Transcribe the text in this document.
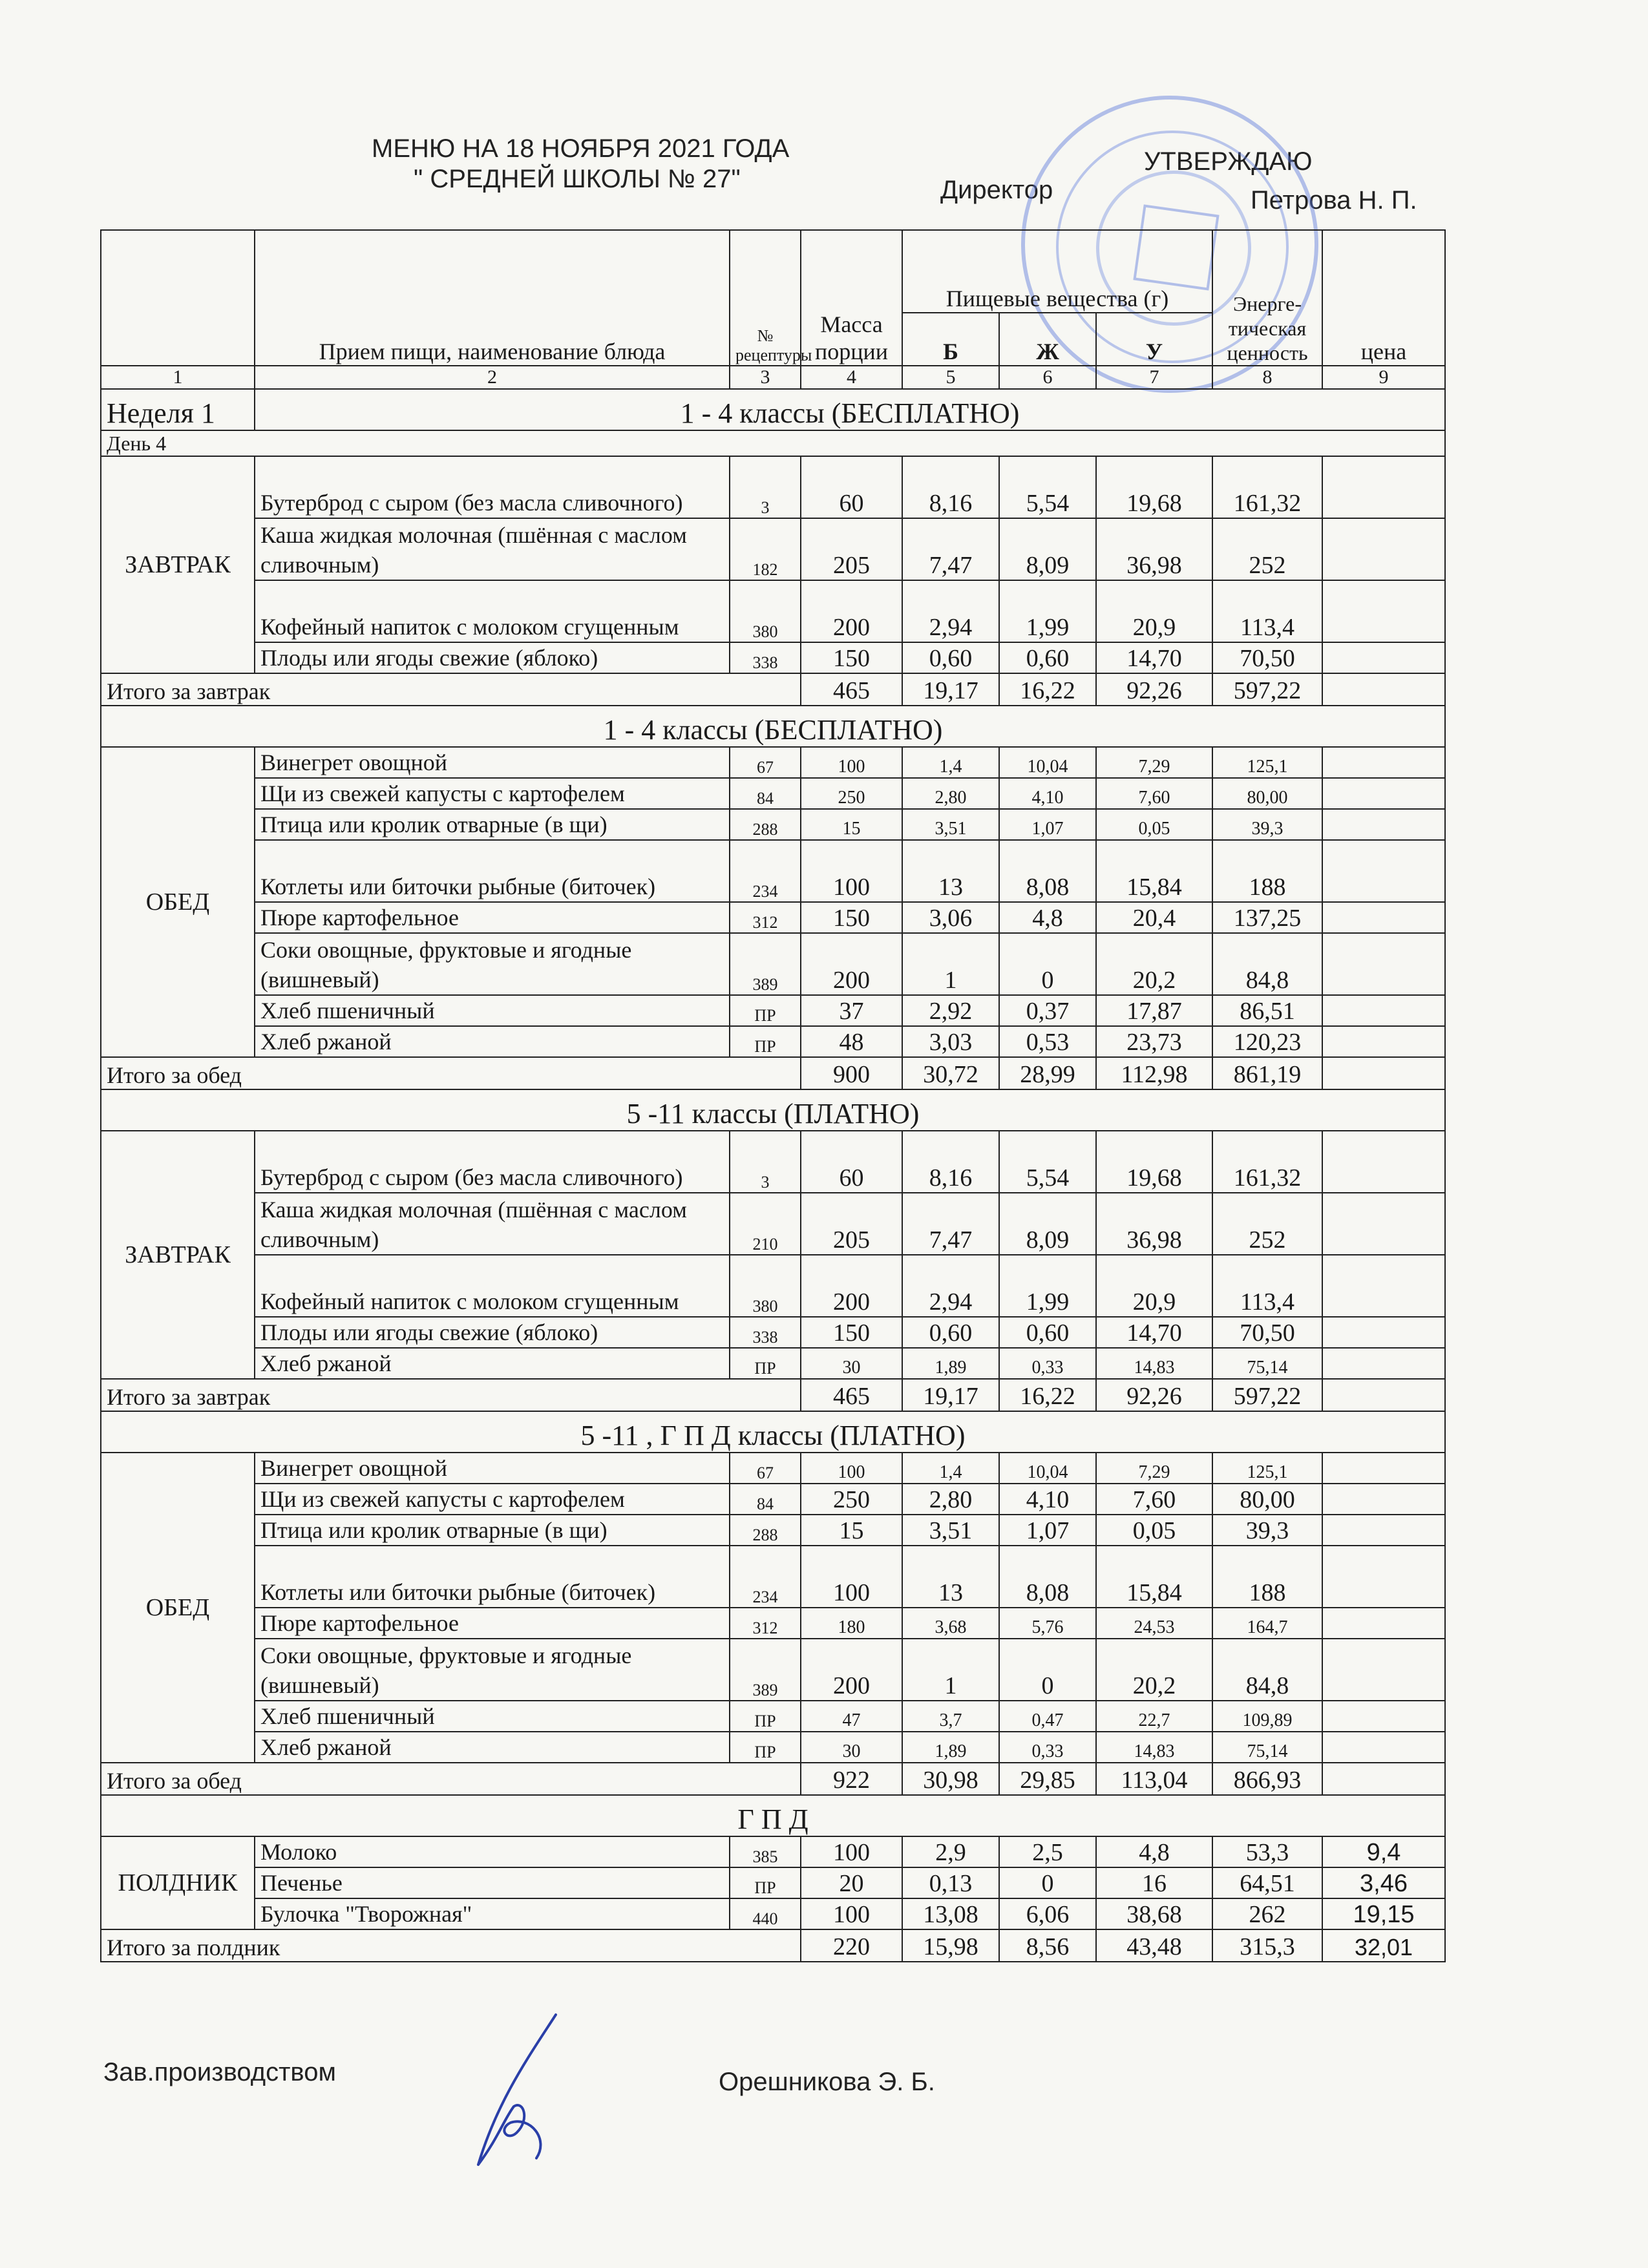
МЕНЮ НА 18 НОЯБРЯ 2021 ГОДА
" СРЕДНЕЙ ШКОЛЫ № 27"
УТВЕРЖДАЮ
Директор	Петрова Н. П.
	Прием пищи, наименование блюда	№ рецептуры	Масса порции	Пищевые вещества (г)			Энерге-тическая ценность	цена
				Б	Ж	У		
1	2	3	4	5	6	7	8	9
Неделя 1	1 - 4 классы (БЕСПЛАТНО)							
День 4								
ЗАВТРАК	Бутерброд с сыром (без масла сливочного)	3	60	8,16	5,54	19,68	161,32	
	Каша жидкая молочная (пшённая с маслом сливочным)	182	205	7,47	8,09	36,98	252	
	Кофейный напиток с молоком сгущенным	380	200	2,94	1,99	20,9	113,4	
	Плоды или ягоды свежие (яблоко)	338	150	0,60	0,60	14,70	70,50	
Итого за завтрак			465	19,17	16,22	92,26	597,22	
1 - 4 классы (БЕСПЛАТНО)								
ОБЕД	Винегрет овощной	67	100	1,4	10,04	7,29	125,1	
	Щи из свежей капусты с картофелем	84	250	2,80	4,10	7,60	80,00	
	Птица или кролик отварные (в щи)	288	15	3,51	1,07	0,05	39,3	
	Котлеты или биточки рыбные (биточек)	234	100	13	8,08	15,84	188	
	Пюре картофельное	312	150	3,06	4,8	20,4	137,25	
	Соки овощные, фруктовые и ягодные (вишневый)	389	200	1	0	20,2	84,8	
	Хлеб пшеничный	ПР	37	2,92	0,37	17,87	86,51	
	Хлеб ржаной	ПР	48	3,03	0,53	23,73	120,23	
Итого за обед			900	30,72	28,99	112,98	861,19	
5 -11 классы (ПЛАТНО)								
ЗАВТРАК	Бутерброд с сыром (без масла сливочного)	3	60	8,16	5,54	19,68	161,32	
	Каша жидкая молочная (пшённая с маслом сливочным)	210	205	7,47	8,09	36,98	252	
	Кофейный напиток с молоком сгущенным	380	200	2,94	1,99	20,9	113,4	
	Плоды или ягоды свежие (яблоко)	338	150	0,60	0,60	14,70	70,50	
	Хлеб ржаной	ПР	30	1,89	0,33	14,83	75,14	
Итого за завтрак			465	19,17	16,22	92,26	597,22	
5 -11 , Г П Д классы (ПЛАТНО)								
ОБЕД	Винегрет овощной	67	100	1,4	10,04	7,29	125,1	
	Щи из свежей капусты с картофелем	84	250	2,80	4,10	7,60	80,00	
	Птица или кролик отварные (в щи)	288	15	3,51	1,07	0,05	39,3	
	Котлеты или биточки рыбные (биточек)	234	100	13	8,08	15,84	188	
	Пюре картофельное	312	180	3,68	5,76	24,53	164,7	
	Соки овощные, фруктовые и ягодные (вишневый)	389	200	1	0	20,2	84,8	
	Хлеб пшеничный	ПР	47	3,7	0,47	22,7	109,89	
	Хлеб ржаной	ПР	30	1,89	0,33	14,83	75,14	
Итого за обед			922	30,98	29,85	113,04	866,93	
Г П Д								
ПОЛДНИК	Молоко	385	100	2,9	2,5	4,8	53,3	9,4
	Печенье	ПР	20	0,13	0	16	64,51	3,46
	Булочка "Творожная"	440	100	13,08	6,06	38,68	262	19,15
Итого за полдник			220	15,98	8,56	43,48	315,3	32,01
Зав.производством	Орешникова Э. Б.
